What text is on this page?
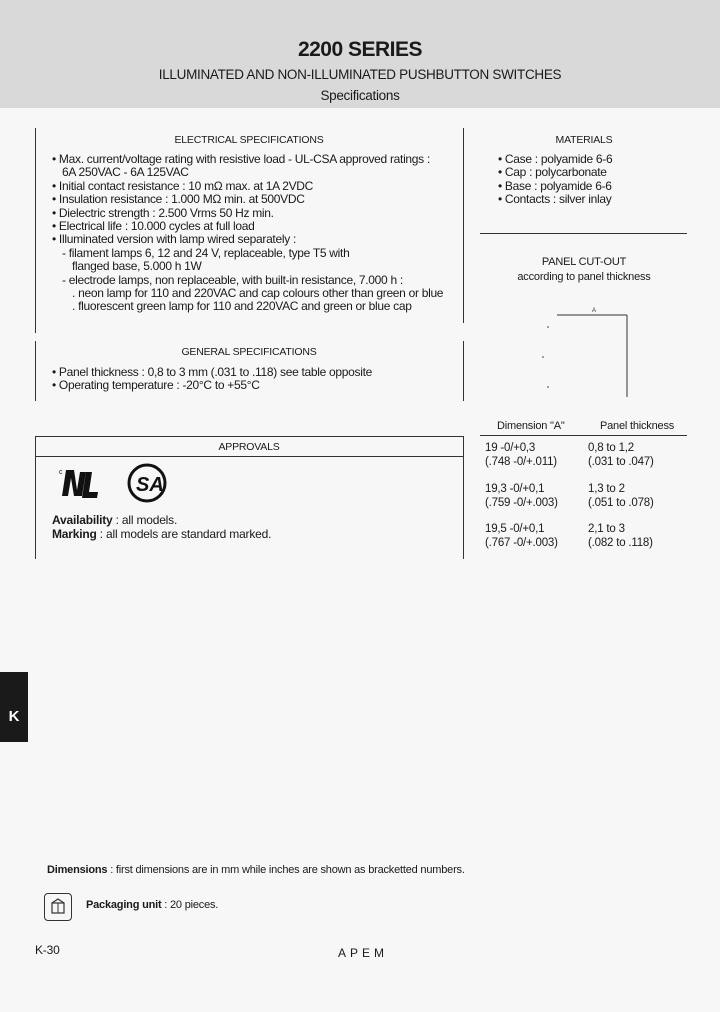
2200 SERIES
ILLUMINATED AND NON-ILLUMINATED PUSHBUTTON SWITCHES
Specifications
ELECTRICAL SPECIFICATIONS
• Max. current/voltage rating with resistive load - UL-CSA approved ratings :
6A 250VAC - 6A 125VAC
• Initial contact resistance : 10 mΩ max. at 1A 2VDC
• Insulation resistance : 1.000 MΩ min. at 500VDC
• Dielectric strength : 2.500 Vrms 50 Hz min.
• Electrical life : 10.000 cycles at full load
• Illuminated version with lamp wired separately :
- filament lamps 6, 12 and 24 V, replaceable, type T5 with
flanged base, 5.000 h 1W
- electrode lamps, non replaceable, with built-in resistance, 7.000 h :
. neon lamp for 110 and 220VAC and cap colours other than green or blue
. fluorescent green lamp for 110 and 220VAC and green or blue cap
GENERAL SPECIFICATIONS
• Panel thickness : 0,8 to 3 mm (.031 to .118) see table opposite
• Operating temperature : -20°C to +55°C
APPROVALS
c
SA
Availability : all models.
Marking : all models are standard marked.
MATERIALS
• Case : polyamide 6-6
• Cap : polycarbonate
• Base : polyamide 6-6
• Contacts : silver inlay
PANEL CUT-OUT
according to panel thickness
A
Dimension "A"	Panel thickness
19 -0/+0,3
(.748 -0/+.011)
0,8 to 1,2
(.031 to .047)
19,3 -0/+0,1
(.759 -0/+.003)
1,3 to 2
(.051 to .078)
19,5 -0/+0,1
(.767 -0/+.003)
2,1 to 3
(.082 to .118)
K
Dimensions : first dimensions are in mm while inches are shown as bracketted numbers.
Packaging unit : 20 pieces.
K-30	APEM
